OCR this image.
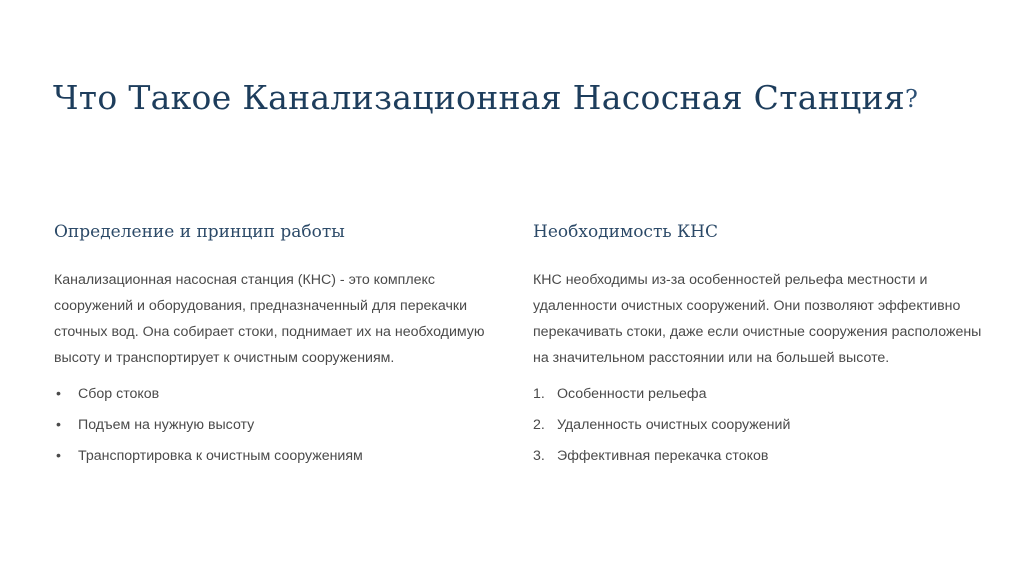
Что Такое Канализационная Насосная Станция?
Определение и принцип работы

Канализационная насосная станция (КНС) - это комплекс сооружений и оборудования, предназначенный для перекачки сточных вод. Она собирает стоки, поднимает их на необходимую высоту и транспортирует к очистным сооружениям.

•	Сбор стоков
•	Подъем на нужную высоту
•	Транспортировка к очистным сооружениям
Необходимость КНС

КНС необходимы из-за особенностей рельефа местности и удаленности очистных сооружений. Они позволяют эффективно перекачивать стоки, даже если очистные сооружения расположены на значительном расстоянии или на большей высоте.

1. Особенности рельефа
2. Удаленность очистных сооружений
3. Эффективная перекачка стоков
